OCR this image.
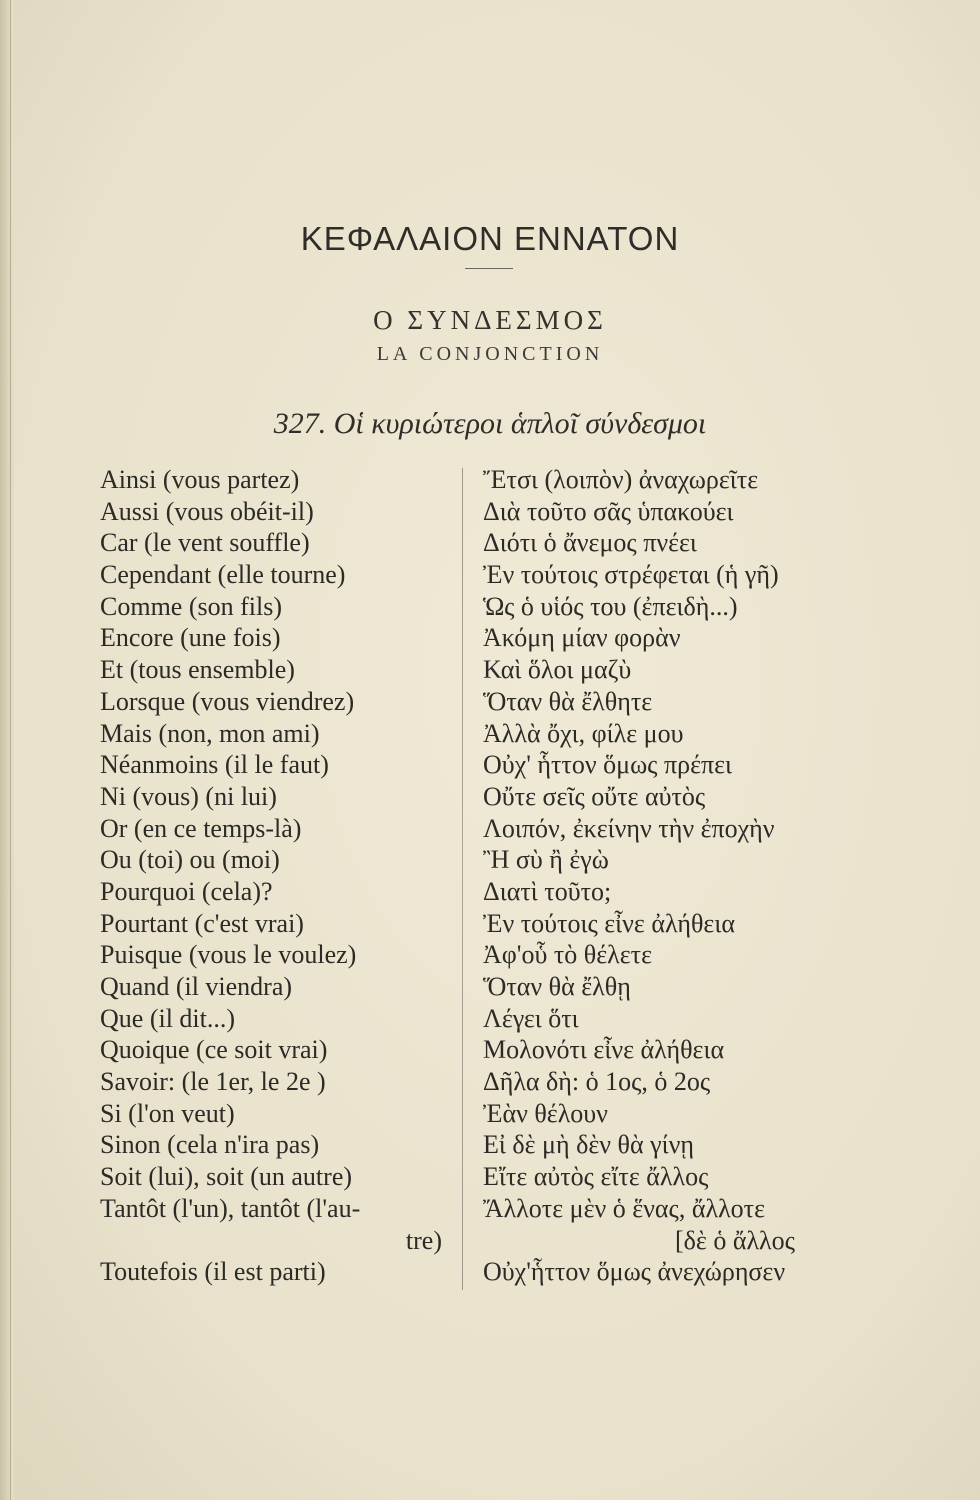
ΚΕΦΑΛΑΙΟΝ ΕΝΝΑΤΟΝ
Ο ΣΥΝΔΕΣΜΟΣ
LA CONJONCTION
327. Οἱ κυριώτεροι ἁπλοῖ σύνδεσμοι
Ainsi (vous partez)
Aussi (vous obéit-il)
Car (le vent souffle)
Cependant (elle tourne)
Comme (son fils)
Encore (une fois)
Et (tous ensemble)
Lorsque (vous viendrez)
Mais (non, mon ami)
Néanmoins (il le faut)
Ni (vous) (ni lui)
Or (en ce temps-là)
Ou (toi) ou (moi)
Pourquoi (cela)?
Pourtant (c'est vrai)
Puisque (vous le voulez)
Quand (il viendra)
Que (il dit...)
Quoique (ce soit vrai)
Savoir: (le 1er, le 2e )
Si (l'on veut)
Sinon (cela n'ira pas)
Soit (lui), soit (un autre)
Tantôt (l'un), tantôt (l'au-
tre)
Toutefois (il est parti)
Ἔτσι (λοιπὸν) ἀναχωρεῖτε
Διὰ τοῦτο σᾶς ὑπακούει
Διότι ὁ ἄνεμος πνέει
Ἐν τούτοις στρέφεται (ἡ γῆ)
Ὡς ὁ υἱός του (ἐπειδὴ...)
Ἀκόμη μίαν φορὰν
Καὶ ὅλοι μαζὺ
Ὅταν θὰ ἔλθητε
Ἀλλὰ ὄχι, φίλε μου
Οὐχ' ἧττον ὅμως πρέπει
Οὔτε σεῖς οὔτε αὐτὸς
Λοιπόν, ἐκείνην τὴν ἐποχὴν
Ἢ σὺ ἢ ἐγὼ
Διατὶ τοῦτο;
Ἐν τούτοις εἶνε ἀλήθεια
Ἀφ'οὗ τὸ θέλετε
Ὅταν θὰ ἔλθῃ
Λέγει ὅτι
Μολονότι εἶνε ἀλήθεια
Δῆλα δὴ: ὁ 1ος, ὁ 2ος
Ἐὰν θέλουν
Εἰ δὲ μὴ δὲν θὰ γίνῃ
Εἴτε αὐτὸς εἴτε ἄλλος
Ἄλλοτε μὲν ὁ ἕνας, ἄλλοτε
[δὲ ὁ ἄλλος
Οὐχ'ἧττον ὅμως ἀνεχώρησεν
